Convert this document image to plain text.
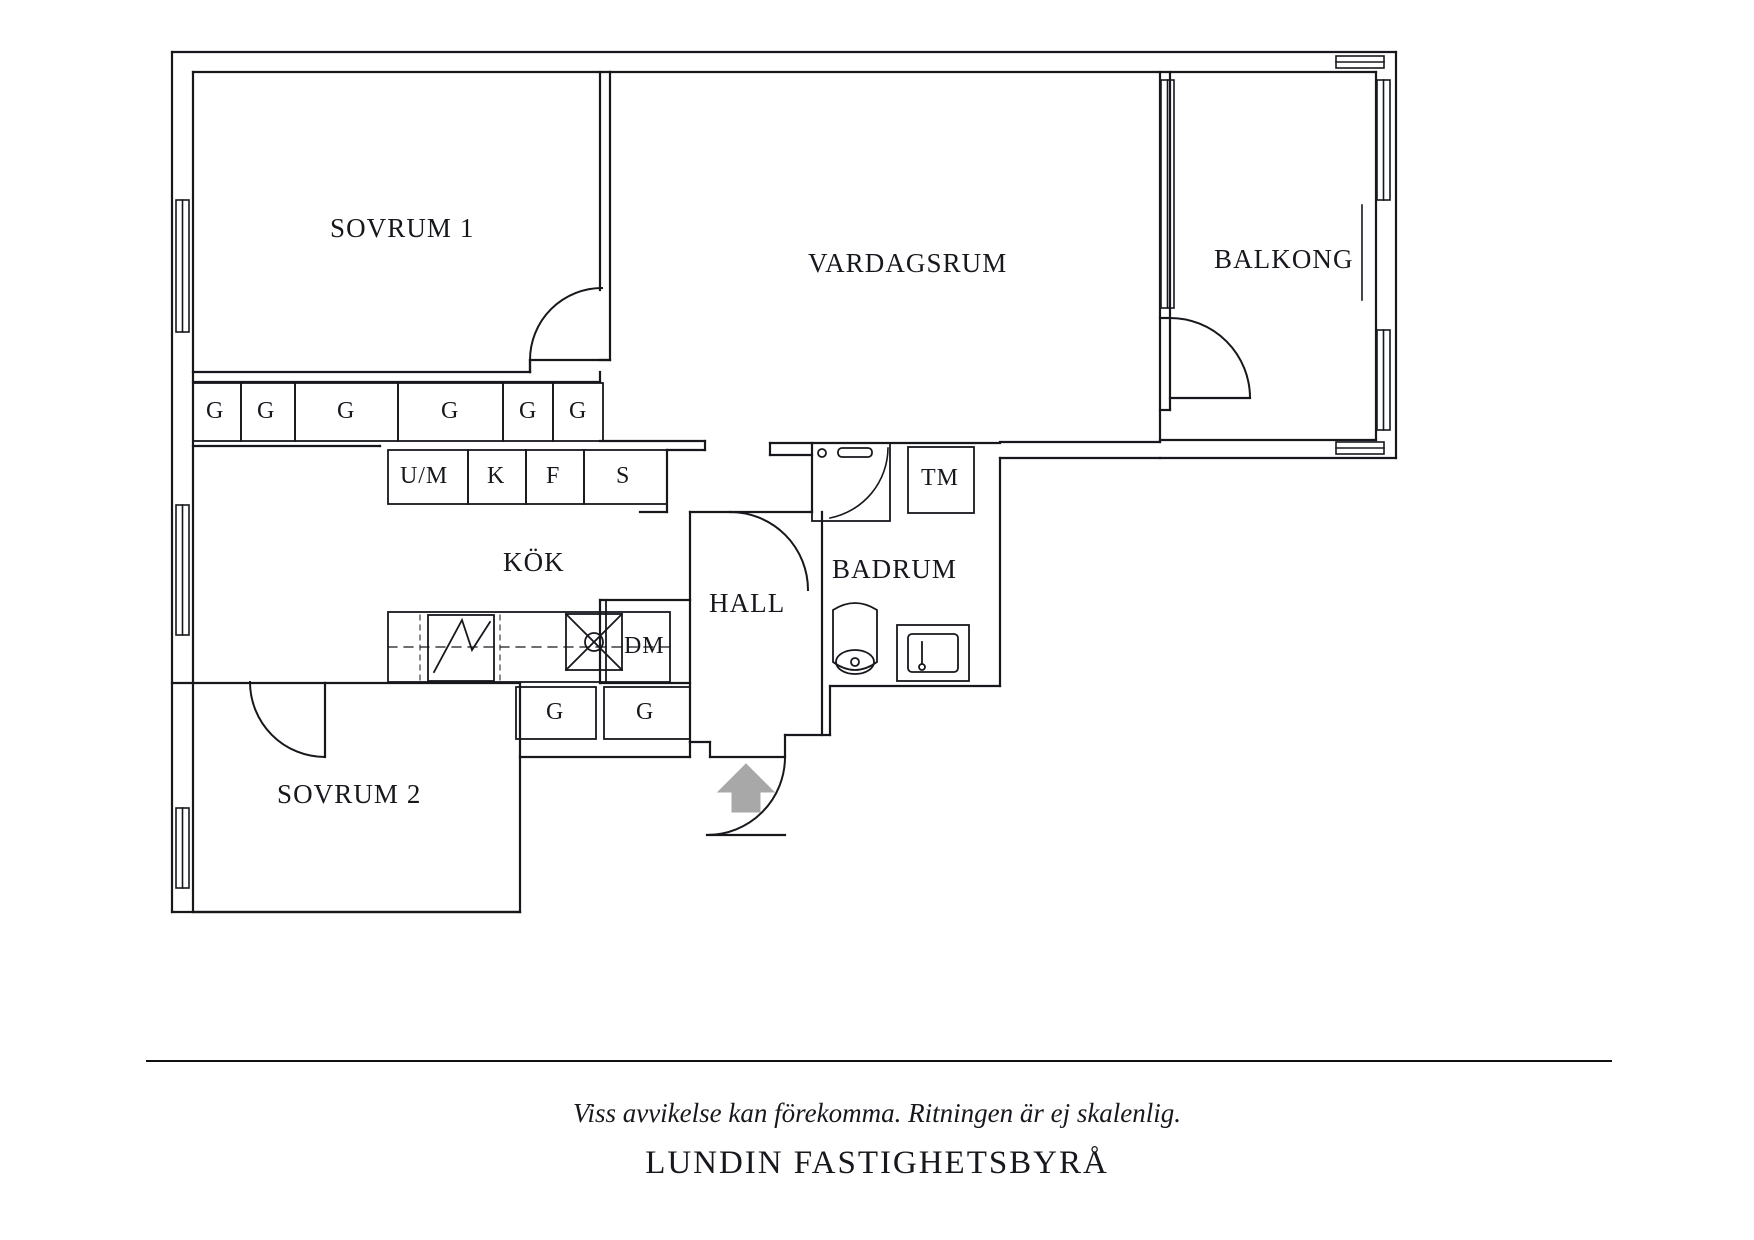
SOVRUM 1
VARDAGSRUM	BALKONG
KÖK
HALL
BADRUM
SOVRUM 2
G G	G	G G G
U/M K F S
G	G
DM
TM
Viss avvikelse kan förekomma. Ritningen är ej skalenlig.
LUNDIN FASTIGHETSBYRÅ
